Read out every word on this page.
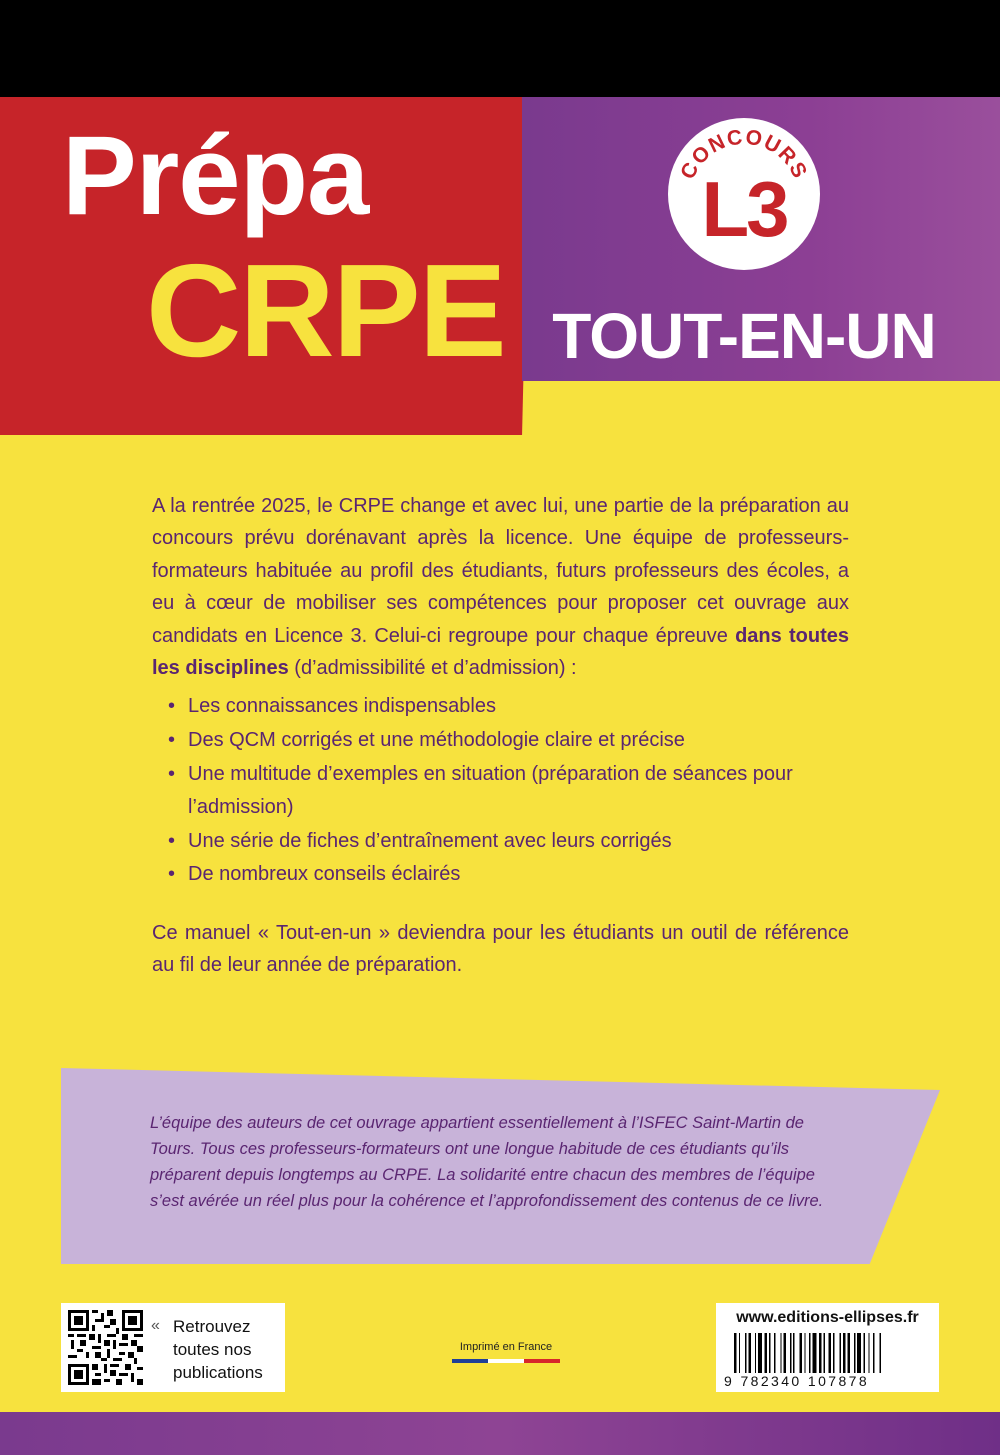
Prépa
CRPE
CONCOURS
L3
TOUT-EN-UN

A la rentrée 2025, le CRPE change et avec lui, une partie de la préparation au concours prévu dorénavant après la licence. Une équipe de professeurs-formateurs habituée au profil des étudiants, futurs professeurs des écoles, a eu à cœur de mobiliser ses compétences pour proposer cet ouvrage aux candidats en Licence 3. Celui-ci regroupe pour chaque épreuve dans toutes les disciplines (d’admissibilité et d’admission) :

• Les connaissances indispensables
• Des QCM corrigés et une méthodologie claire et précise
• Une multitude d’exemples en situation (préparation de séances pour l’admission)
• Une série de fiches d’entraînement avec leurs corrigés
• De nombreux conseils éclairés

Ce manuel « Tout-en-un » deviendra pour les étudiants un outil de référence au fil de leur année de préparation.

L’équipe des auteurs de cet ouvrage appartient essentiellement à l’ISFEC Saint-Martin de Tours. Tous ces professeurs-formateurs ont une longue habitude de ces étudiants qu’ils préparent depuis longtemps au CRPE. La solidarité entre chacun des membres de l’équipe s’est avérée un réel plus pour la cohérence et l’approfondissement des contenus de ce livre.
« Retrouvez
toutes nos
publications
Imprimé en France
www.editions-ellipses.fr
9 782340 107878
